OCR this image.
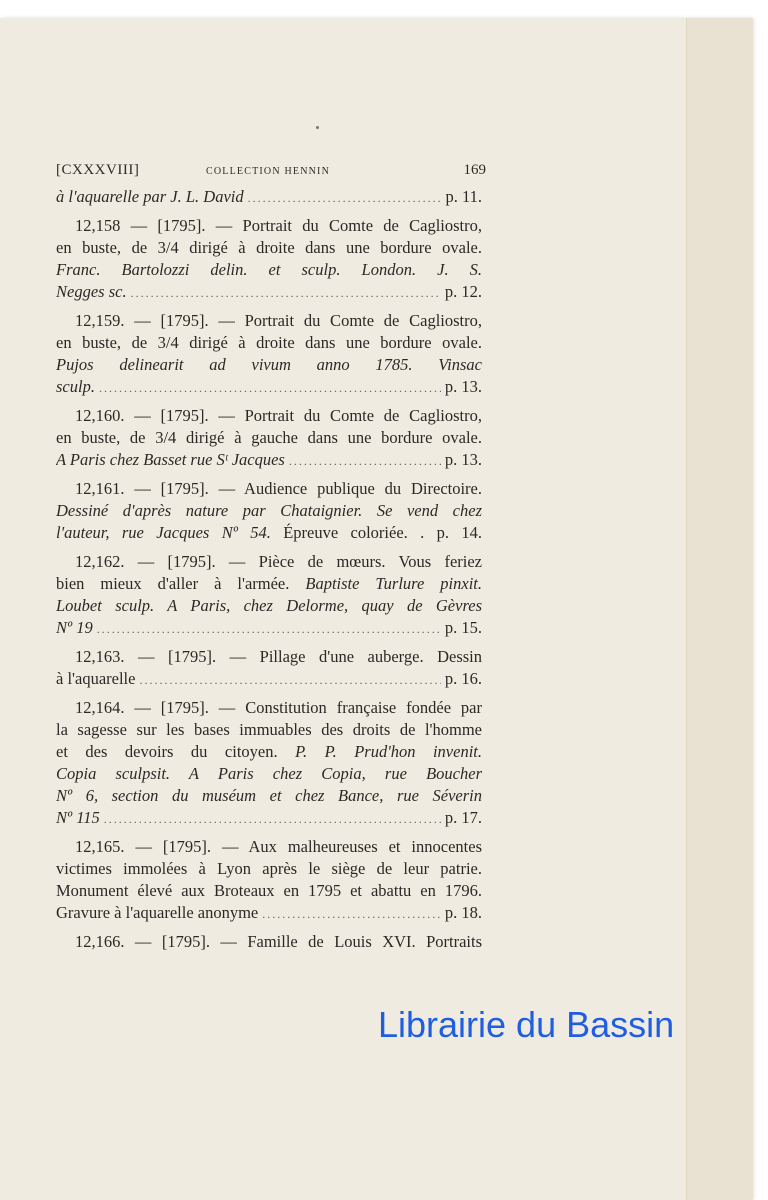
[CXXXVIII]	COLLECTION HENNIN	169
à l'aquarelle par J. L. David .....	p. 11.
12,158 — [1795]. — Portrait du Comte de Cagliostro,
en buste, de 3/4 dirigé à droite dans une bordure ovale.
Franc. Bartolozzi delin. et sculp. London. J. S.
Negges sc. .....	p. 12.
12,159. — [1795]. — Portrait du Comte de Cagliostro,
en buste, de 3/4 dirigé à droite dans une bordure ovale.
Pujos delinearit ad vivum anno 1785. Vinsac
sculp. .....	p. 13.
12,160. — [1795]. — Portrait du Comte de Cagliostro,
en buste, de 3/4 dirigé à gauche dans une bordure ovale.
A Paris chez Basset rue Sᵗ Jacques .....	p. 13.
12,161. — [1795]. — Audience publique du Directoire.
Dessiné d'après nature par Chataignier. Se vend chez
l'auteur, rue Jacques Nº 54. Épreuve coloriée. . p. 14.
12,162. — [1795]. — Pièce de mœurs. Vous feriez
bien mieux d'aller à l'armée. Baptiste Turlure pinxit.
Loubet sculp. A Paris, chez Delorme, quay de Gèvres
Nº 19 .....	p. 15.
12,163. — [1795]. — Pillage d'une auberge. Dessin
à l'aquarelle .....	p. 16.
12,164. — [1795]. — Constitution française fondée par
la sagesse sur les bases immuables des droits de l'homme
et des devoirs du citoyen. P. P. Prud'hon invenit.
Copia sculpsit. A Paris chez Copia, rue Boucher
Nº 6, section du muséum et chez Bance, rue Séverin
Nº 115 .....	p. 17.
12,165. — [1795]. — Aux malheureuses et innocentes
victimes immolées à Lyon après le siège de leur patrie.
Monument élevé aux Broteaux en 1795 et abattu en 1796.
Gravure à l'aquarelle anonyme .....	p. 18.
12,166. — [1795]. — Famille de Louis XVI. Portraits
Librairie du Bassin
